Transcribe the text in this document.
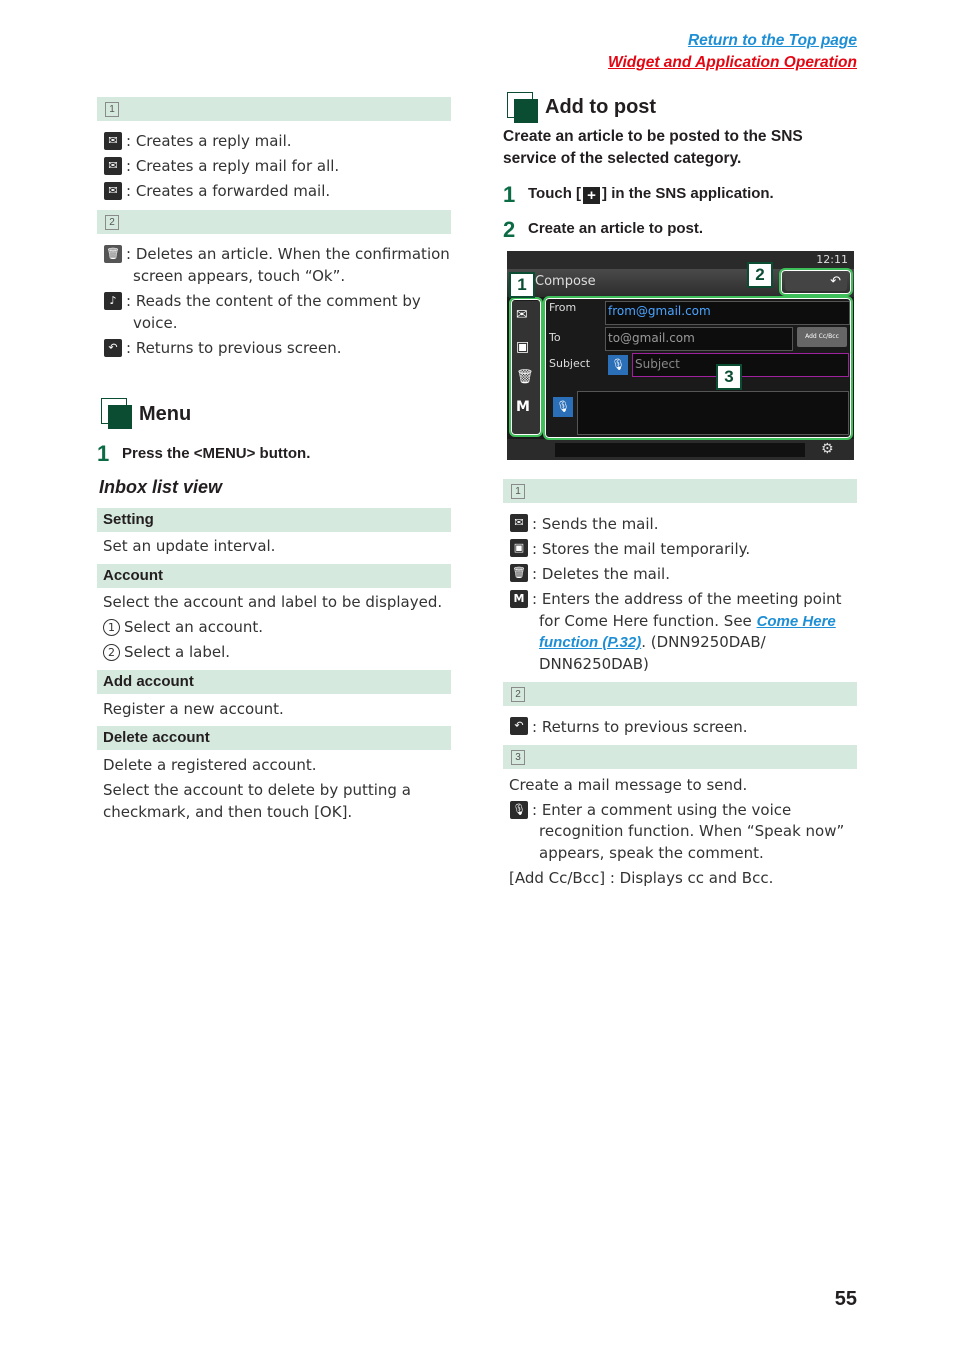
Return to the Top page
Widget and Application Operation
1
✉ : Creates a reply mail.
✉ : Creates a reply mail for all.
✉ : Creates a forwarded mail.
2
🗑 : Deletes an article. When the confirmation
screen appears, touch “Ok”.
♪ : Reads the content of the comment by
voice.
↶ : Returns to previous screen.
Menu
1 Press the <MENU> button.
Inbox list view
Setting
Set an update interval.
Account
Select the account and label to be displayed.
1 Select an account.
2 Select a label.
Add account
Register a new account.
Delete account
Delete a registered account.
Select the account to delete by putting a
checkmark, and then touch [OK].
Add to post
Create an article to be posted to the SNS
service of the selected category.
1 Touch [ + ] in the SNS application.
2 Create an article to post.
12:11
Compose	↶
✉
▣
🗑
M
From	from@gmail.com
To	to@gmail.com	Add Cc/Bcc
Subject 🎙 Subject
🎙
⚙
1
2
3
1
✉ : Sends the mail.
▣ : Stores the mail temporarily.
🗑 : Deletes the mail.
M : Enters the address of the meeting point
for Come Here function. See Come Here
function (P.32). (DNN9250DAB/
DNN6250DAB)
2
↶ : Returns to previous screen.
3
Create a mail message to send.
🎙 : Enter a comment using the voice
recognition function. When “Speak now”
appears, speak the comment.
[Add Cc/Bcc] : Displays cc and Bcc.
55
